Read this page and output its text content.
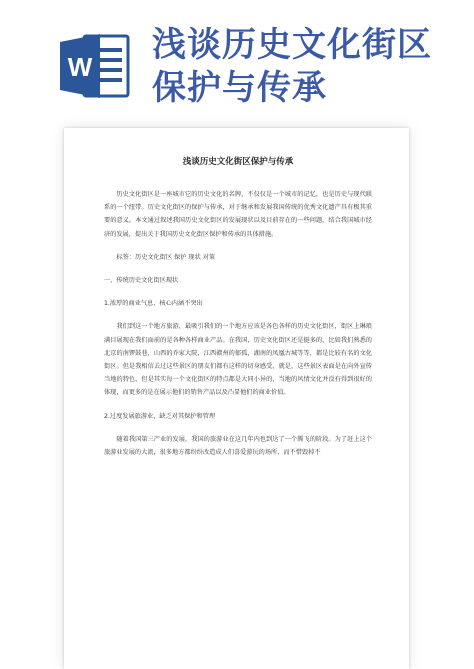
W
浅谈历史文化街区
保护与传承

浅谈历史文化街区保护与传承

历史文化街区是一座城市它的历史文化的名牌，不仅仅是一个城市的记忆，也是历史与现代联系的一个纽带。历史文化街区的保护与传承，对于继承和发展我国传统的优秀文化遗产具有极其重要的意义。本文通过叙述我国历史文化街区的发展现状以及目前存在的一些问题，结合我国城市经济的发展，提出关于我国历史文化街区保护和传承的具体措施。

标签：历史文化街区 保护 现状 对策

一、传统历史文化街区现状

1.浓厚的商业气息，核心内涵不突出

我们到这一个地方旅游，最吸引我们的一个地方应该是各色各样的历史文化街区，街区上琳琅满目展现在我们面前的是各种各样商业产品。在我国，历史文化街区还是挺多的，比如我们熟悉的北京的南锣鼓巷，山西的乔家大院，江西赣州的郁孤，湖南的凤凰古城等等，都是比较有名的文化街区。但是我相信去过这些景区的朋友们都有这样的切身感受，就是，这些景区表面是在向外宣传当地的特色，但是其实每一个文化街区的特点都是大同小异的，当地的风情文化并没有得到很好的体现，而更多的是在展示他们的销售产品以及凸显他们的商业价值。

2.过度发展旅游业，缺乏对其保护和管理

随着我国第三产业的发展，我国的旅游业在这几年内也到达了一个腾飞的阶段。为了赶上这个旅游业发展的大流，很多地方都纷纷改造成人们喜爱游玩的场所，而不惜毁掉不
